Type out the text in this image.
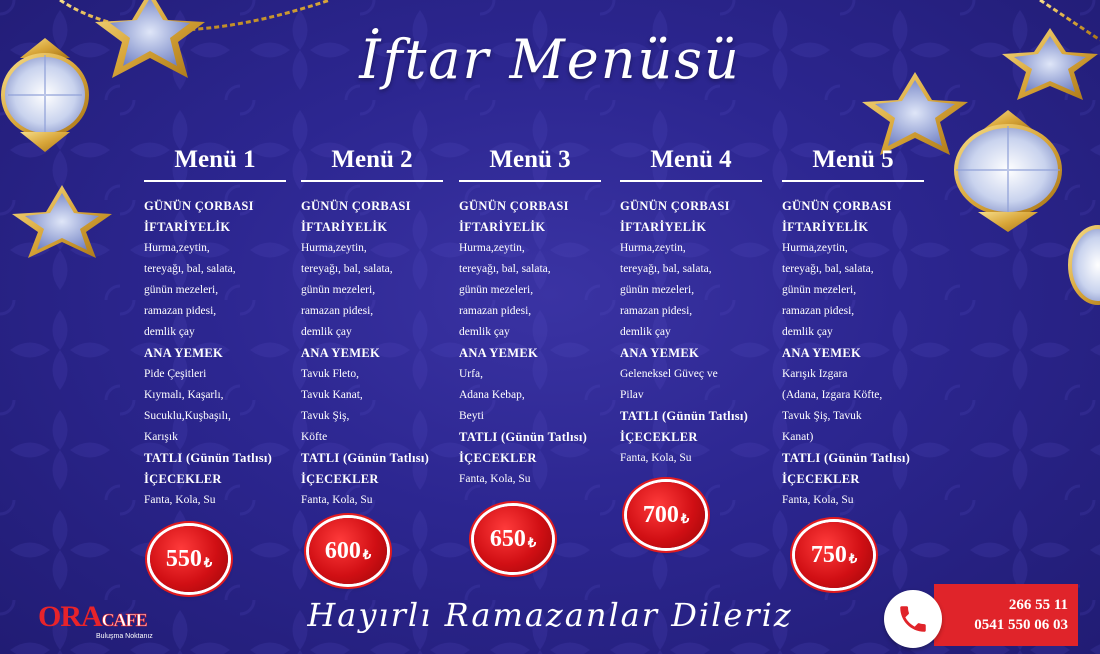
İftar Menüsü
Menü 1
GÜNÜN ÇORBASI
İFTARİYELİK
Hurma,zeytin,
tereyağı, bal, salata,
günün mezeleri,
ramazan pidesi,
demlik çay
ANA YEMEK
Pide Çeşitleri
Kıymalı, Kaşarlı,
Sucuklu,Kuşbaşılı,
Karışık
TATLI (Günün Tatlısı)
İÇECEKLER
Fanta, Kola, Su
Menü 2
GÜNÜN ÇORBASI
İFTARİYELİK
Hurma,zeytin,
tereyağı, bal, salata,
günün mezeleri,
ramazan pidesi,
demlik çay
ANA YEMEK
Tavuk Fleto,
Tavuk Kanat,
Tavuk Şiş,
Köfte
TATLI (Günün Tatlısı)
İÇECEKLER
Fanta, Kola, Su
Menü 3
GÜNÜN ÇORBASI
İFTARİYELİK
Hurma,zeytin,
tereyağı, bal, salata,
günün mezeleri,
ramazan pidesi,
demlik çay
ANA YEMEK
Urfa,
Adana Kebap,
Beyti
TATLI (Günün Tatlısı)
İÇECEKLER
Fanta, Kola, Su
Menü 4
GÜNÜN ÇORBASI
İFTARİYELİK
Hurma,zeytin,
tereyağı, bal, salata,
günün mezeleri,
ramazan pidesi,
demlik çay
ANA YEMEK
Geleneksel Güveç ve
Pilav
TATLI (Günün Tatlısı)
İÇECEKLER
Fanta, Kola, Su
Menü 5
GÜNÜN ÇORBASI
İFTARİYELİK
Hurma,zeytin,
tereyağı, bal, salata,
günün mezeleri,
ramazan pidesi,
demlik çay
ANA YEMEK
Karışık Izgara
(Adana, Izgara Köfte,
Tavuk Şiş, Tavuk
Kanat)
TATLI (Günün Tatlısı)
İÇECEKLER
Fanta, Kola, Su
550 ₺	600 ₺
650 ₺
700 ₺
750 ₺
ORACAFE
Buluşma Noktanız
Hayırlı Ramazanlar Dileriz	266 55 11
0541 550 06 03
